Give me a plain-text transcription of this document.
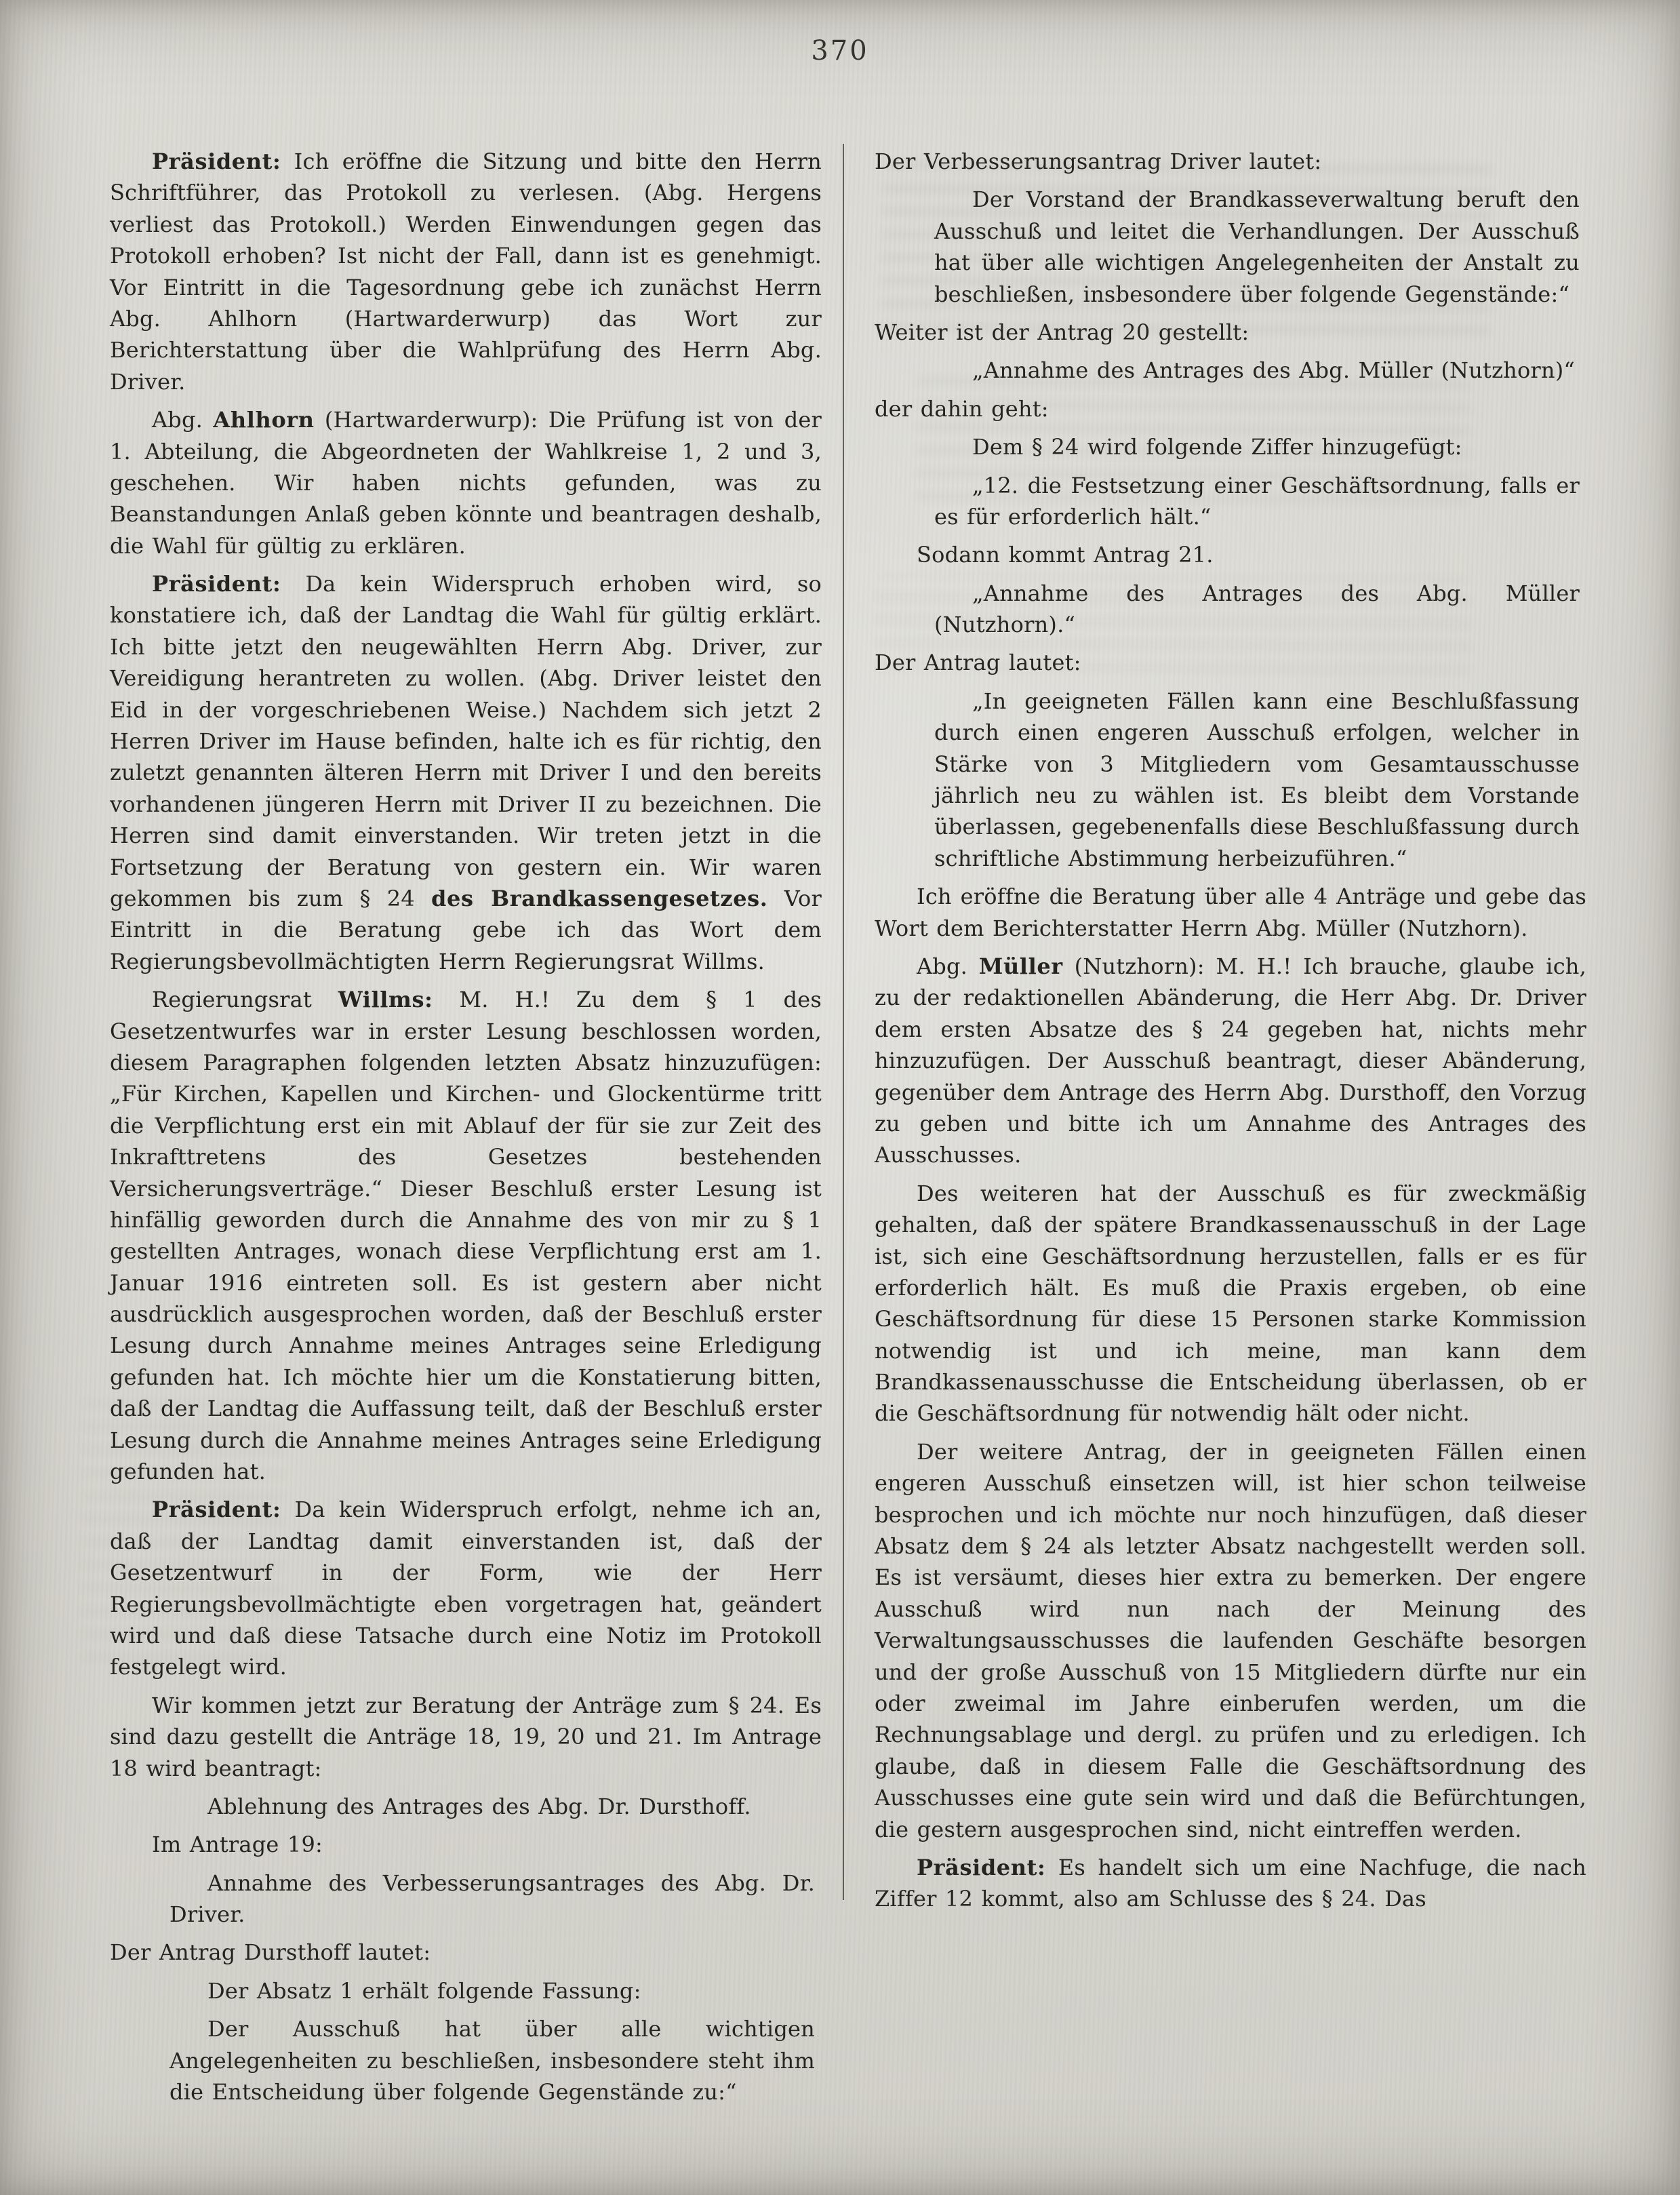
370

Präsident: Ich eröffne die Sitzung und bitte den Herrn Schriftführer, das Protokoll zu verlesen. (Abg. Hergens verliest das Protokoll.) Werden Einwendungen gegen das Protokoll erhoben? Ist nicht der Fall, dann ist es genehmigt. Vor Eintritt in die Tagesordnung gebe ich zunächst Herrn Abg. Ahlhorn (Hartwarderwurp) das Wort zur Berichterstattung über die Wahlprüfung des Herrn Abg. Driver.

Abg. Ahlhorn (Hartwarderwurp): Die Prüfung ist von der 1. Abteilung, die Abgeordneten der Wahlkreise 1, 2 und 3, geschehen. Wir haben nichts gefunden, was zu Beanstandungen Anlaß geben könnte und beantragen deshalb, die Wahl für gültig zu erklären.

Präsident: Da kein Widerspruch erhoben wird, so konstatiere ich, daß der Landtag die Wahl für gültig erklärt. Ich bitte jetzt den neugewählten Herrn Abg. Driver, zur Vereidigung herantreten zu wollen. (Abg. Driver leistet den Eid in der vorgeschriebenen Weise.) Nachdem sich jetzt 2 Herren Driver im Hause befinden, halte ich es für richtig, den zuletzt genannten älteren Herrn mit Driver I und den bereits vorhandenen jüngeren Herrn mit Driver II zu bezeichnen. Die Herren sind damit einverstanden. Wir treten jetzt in die Fortsetzung der Beratung von gestern ein. Wir waren gekommen bis zum § 24 des Brandkassengesetzes. Vor Eintritt in die Beratung gebe ich das Wort dem Regierungsbevollmächtigten Herrn Regierungsrat Willms.

Regierungsrat Willms: M. H.! Zu dem § 1 des Gesetzentwurfes war in erster Lesung beschlossen worden, diesem Paragraphen folgenden letzten Absatz hinzuzufügen: „Für Kirchen, Kapellen und Kirchen- und Glockentürme tritt die Verpflichtung erst ein mit Ablauf der für sie zur Zeit des Inkrafttretens des Gesetzes bestehenden Versicherungsverträge.“ Dieser Beschluß erster Lesung ist hinfällig geworden durch die Annahme des von mir zu § 1 gestellten Antrages, wonach diese Verpflichtung erst am 1. Januar 1916 eintreten soll. Es ist gestern aber nicht ausdrücklich ausgesprochen worden, daß der Beschluß erster Lesung durch Annahme meines Antrages seine Erledigung gefunden hat. Ich möchte hier um die Konstatierung bitten, daß der Landtag die Auffassung teilt, daß der Beschluß erster Lesung durch die Annahme meines Antrages seine Erledigung gefunden hat.

Präsident: Da kein Widerspruch erfolgt, nehme ich an, daß der Landtag damit einverstanden ist, daß der Gesetzentwurf in der Form, wie der Herr Regierungsbevollmächtigte eben vorgetragen hat, geändert wird und daß diese Tatsache durch eine Notiz im Protokoll festgelegt wird.

Wir kommen jetzt zur Beratung der Anträge zum § 24. Es sind dazu gestellt die Anträge 18, 19, 20 und 21. Im Antrage 18 wird beantragt:

Ablehnung des Antrages des Abg. Dr. Dursthoff.

Im Antrage 19:

Annahme des Verbesserungsantrages des Abg. Dr. Driver.

Der Antrag Dursthoff lautet:

Der Absatz 1 erhält folgende Fassung:

Der Ausschuß hat über alle wichtigen Angelegenheiten zu beschließen, insbesondere steht ihm die Entscheidung über folgende Gegenstände zu:“

Der Verbesserungsantrag Driver lautet:

Der Vorstand der Brandkasseverwaltung beruft den Ausschuß und leitet die Verhandlungen. Der Ausschuß hat über alle wichtigen Angelegenheiten der Anstalt zu beschließen, insbesondere über folgende Gegenstände:“

Weiter ist der Antrag 20 gestellt:

„Annahme des Antrages des Abg. Müller (Nutzhorn)“

der dahin geht:

Dem § 24 wird folgende Ziffer hinzugefügt:

„12. die Festsetzung einer Geschäftsordnung, falls er es für erforderlich hält.“

Sodann kommt Antrag 21.

„Annahme des Antrages des Abg. Müller (Nutzhorn).“

Der Antrag lautet:

„In geeigneten Fällen kann eine Beschlußfassung durch einen engeren Ausschuß erfolgen, welcher in Stärke von 3 Mitgliedern vom Gesamtausschusse jährlich neu zu wählen ist. Es bleibt dem Vorstande überlassen, gegebenenfalls diese Beschlußfassung durch schriftliche Abstimmung herbeizuführen.“

Ich eröffne die Beratung über alle 4 Anträge und gebe das Wort dem Berichterstatter Herrn Abg. Müller (Nutzhorn).

Abg. Müller (Nutzhorn): M. H.! Ich brauche, glaube ich, zu der redaktionellen Abänderung, die Herr Abg. Dr. Driver dem ersten Absatze des § 24 gegeben hat, nichts mehr hinzuzufügen. Der Ausschuß beantragt, dieser Abänderung, gegenüber dem Antrage des Herrn Abg. Dursthoff, den Vorzug zu geben und bitte ich um Annahme des Antrages des Ausschusses.

Des weiteren hat der Ausschuß es für zweckmäßig gehalten, daß der spätere Brandkassenausschuß in der Lage ist, sich eine Geschäftsordnung herzustellen, falls er es für erforderlich hält. Es muß die Praxis ergeben, ob eine Geschäftsordnung für diese 15 Personen starke Kommission notwendig ist und ich meine, man kann dem Brandkassenausschusse die Entscheidung überlassen, ob er die Geschäftsordnung für notwendig hält oder nicht.

Der weitere Antrag, der in geeigneten Fällen einen engeren Ausschuß einsetzen will, ist hier schon teilweise besprochen und ich möchte nur noch hinzufügen, daß dieser Absatz dem § 24 als letzter Absatz nachgestellt werden soll. Es ist versäumt, dieses hier extra zu bemerken. Der engere Ausschuß wird nun nach der Meinung des Verwaltungsausschusses die laufenden Geschäfte besorgen und der große Ausschuß von 15 Mitgliedern dürfte nur ein oder zweimal im Jahre einberufen werden, um die Rechnungsablage und dergl. zu prüfen und zu erledigen. Ich glaube, daß in diesem Falle die Geschäftsordnung des Ausschusses eine gute sein wird und daß die Befürchtungen, die gestern ausgesprochen sind, nicht eintreffen werden.

Präsident: Es handelt sich um eine Nachfuge, die nach Ziffer 12 kommt, also am Schlusse des § 24. Das
